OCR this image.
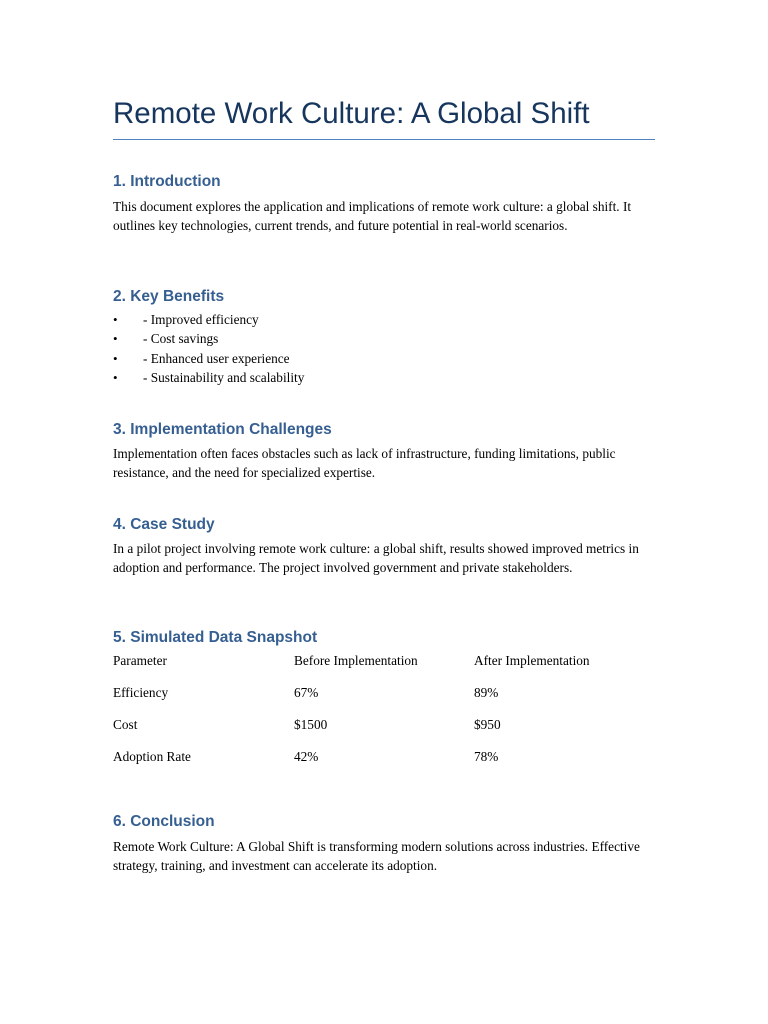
Remote Work Culture: A Global Shift
1. Introduction

This document explores the application and implications of remote work culture: a global shift. It outlines key technologies, current trends, and future potential in real-world scenarios.

2. Key Benefits
• - Improved efficiency
• - Cost savings
• - Enhanced user experience
• - Sustainability and scalability
3. Implementation Challenges

Implementation often faces obstacles such as lack of infrastructure, funding limitations, public resistance, and the need for specialized expertise.

4. Case Study

In a pilot project involving remote work culture: a global shift, results showed improved metrics in adoption and performance. The project involved government and private stakeholders.

5. Simulated Data Snapshot
Parameter	Before Implementation	After Implementation
Efficiency	67%	89%
Cost	$1500	$950
Adoption Rate	42%	78%
6. Conclusion

Remote Work Culture: A Global Shift is transforming modern solutions across industries. Effective strategy, training, and investment can accelerate its adoption.
